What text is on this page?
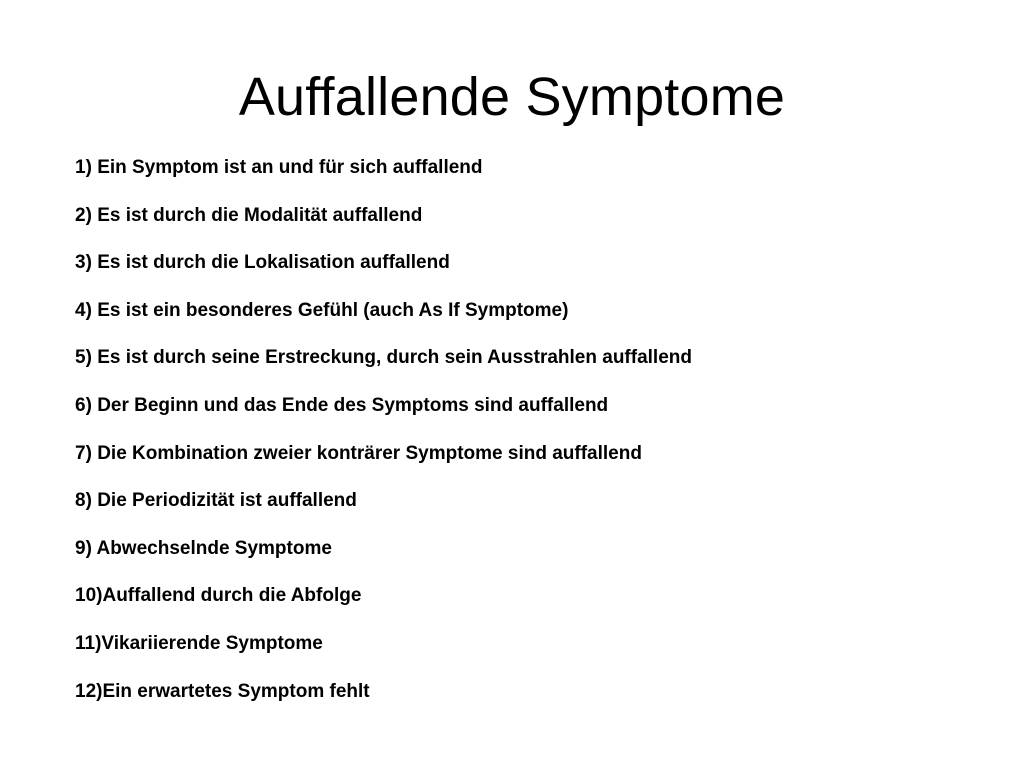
Auffallende Symptome
1) Ein Symptom ist an und für sich auffallend
2) Es ist durch die Modalität auffallend
3) Es ist durch die Lokalisation auffallend
4) Es ist ein besonderes Gefühl (auch As If Symptome)
5) Es ist durch seine Erstreckung, durch sein Ausstrahlen auffallend
6) Der Beginn und das Ende des Symptoms sind auffallend
7) Die Kombination zweier konträrer Symptome sind auffallend
8) Die Periodizität ist auffallend
9) Abwechselnde Symptome
10)Auffallend durch die Abfolge
11)Vikariierende Symptome
12)Ein erwartetes Symptom fehlt
